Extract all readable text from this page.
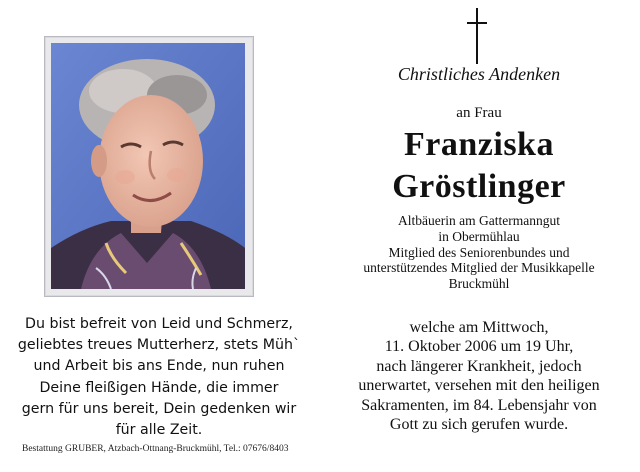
Du bist befreit von Leid und Schmerz,
geliebtes treues Mutterherz, stets Müh`
und Arbeit bis ans Ende, nun ruhen
Deine fleißigen Hände, die immer
gern für uns bereit, Dein gedenken wir
für alle Zeit.
Bestattung GRUBER, Atzbach-Ottnang-Bruckmühl, Tel.: 07676/8403
Christliches Andenken
an Frau
Franziska
Gröstlinger
Altbäuerin am Gattermanngut
in Obermühlau
Mitglied des Seniorenbundes und
unterstützendes Mitglied der Musikkapelle
Bruckmühl
welche am Mittwoch,
11. Oktober 2006 um 19 Uhr,
nach längerer Krankheit, jedoch
unerwartet, versehen mit den heiligen
Sakramenten, im 84. Lebensjahr von
Gott zu sich gerufen wurde.
